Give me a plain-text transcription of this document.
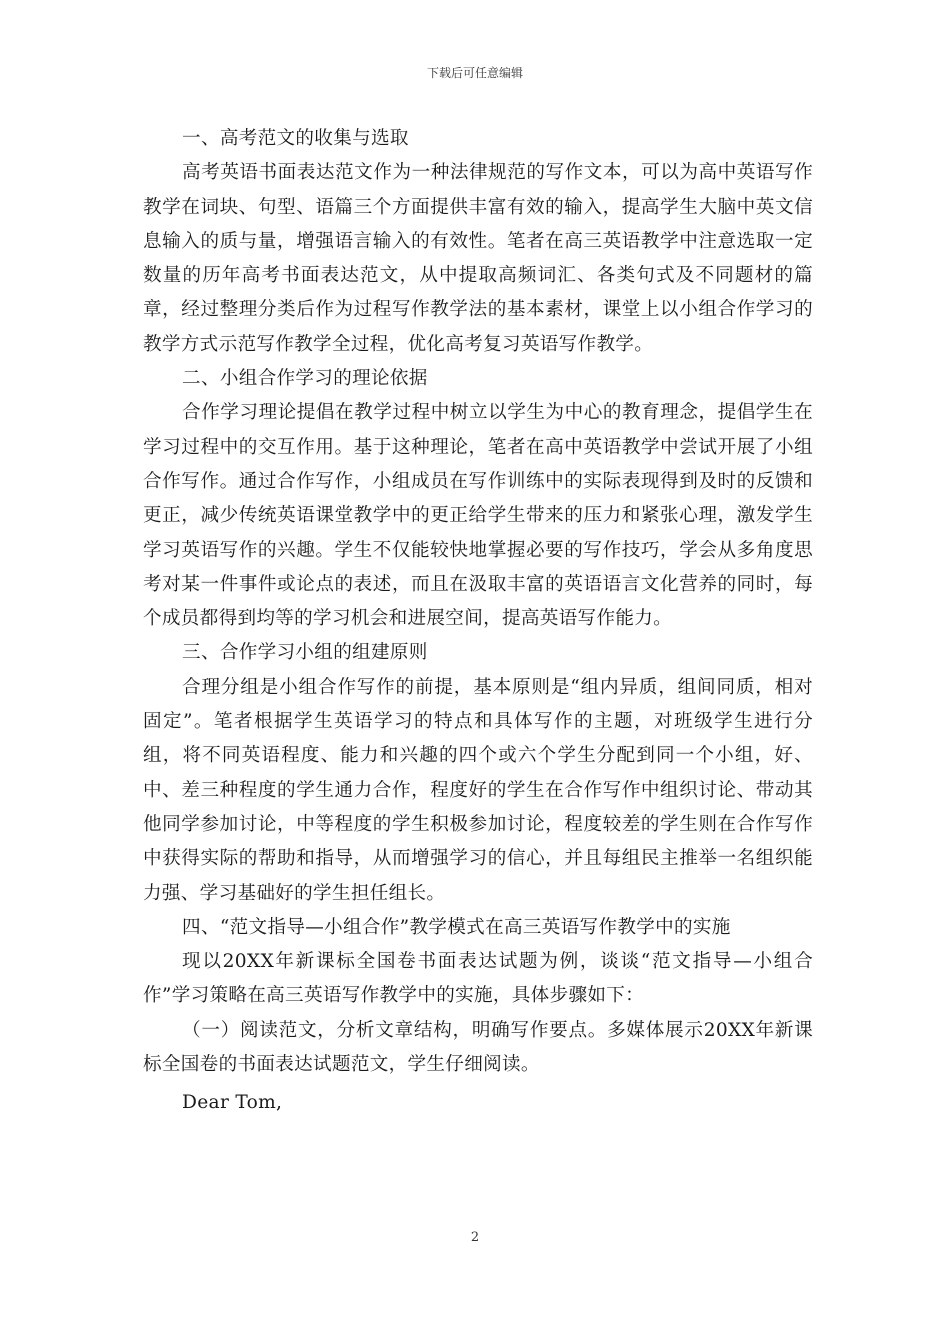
下载后可任意编辑

一、高考范文的收集与选取

高考英语书面表达范文作为一种法律规范的写作文本，可以为高中英语写作教学在词块、句型、语篇三个方面提供丰富有效的输入，提高学生大脑中英文信息输入的质与量，增强语言输入的有效性。笔者在高三英语教学中注意选取一定数量的历年高考书面表达范文，从中提取高频词汇、各类句式及不同题材的篇章，经过整理分类后作为过程写作教学法的基本素材，课堂上以小组合作学习的教学方式示范写作教学全过程，优化高考复习英语写作教学。

二、小组合作学习的理论依据

合作学习理论提倡在教学过程中树立以学生为中心的教育理念，提倡学生在学习过程中的交互作用。基于这种理论，笔者在高中英语教学中尝试开展了小组合作写作。通过合作写作，小组成员在写作训练中的实际表现得到及时的反馈和更正，减少传统英语课堂教学中的更正给学生带来的压力和紧张心理，激发学生学习英语写作的兴趣。学生不仅能较快地掌握必要的写作技巧，学会从多角度思考对某一件事件或论点的表述，而且在汲取丰富的英语语言文化营养的同时，每个成员都得到均等的学习机会和进展空间，提高英语写作能力。

三、合作学习小组的组建原则

合理分组是小组合作写作的前提，基本原则是“组内异质，组间同质，相对固定”。笔者根据学生英语学习的特点和具体写作的主题，对班级学生进行分组，将不同英语程度、能力和兴趣的四个或六个学生分配到同一个小组，好、中、差三种程度的学生通力合作，程度好的学生在合作写作中组织讨论、带动其他同学参加讨论，中等程度的学生积极参加讨论，程度较差的学生则在合作写作中获得实际的帮助和指导，从而增强学习的信心，并且每组民主推举一名组织能力强、学习基础好的学生担任组长。

四、“范文指导—小组合作”教学模式在高三英语写作教学中的实施

现以20XX年新课标全国卷书面表达试题为例，谈谈“范文指导—小组合作”学习策略在高三英语写作教学中的实施，具体步骤如下：

（一）阅读范文，分析文章结构，明确写作要点。多媒体展示20XX年新课标全国卷的书面表达试题范文，学生仔细阅读。

Dear Tom,

2
